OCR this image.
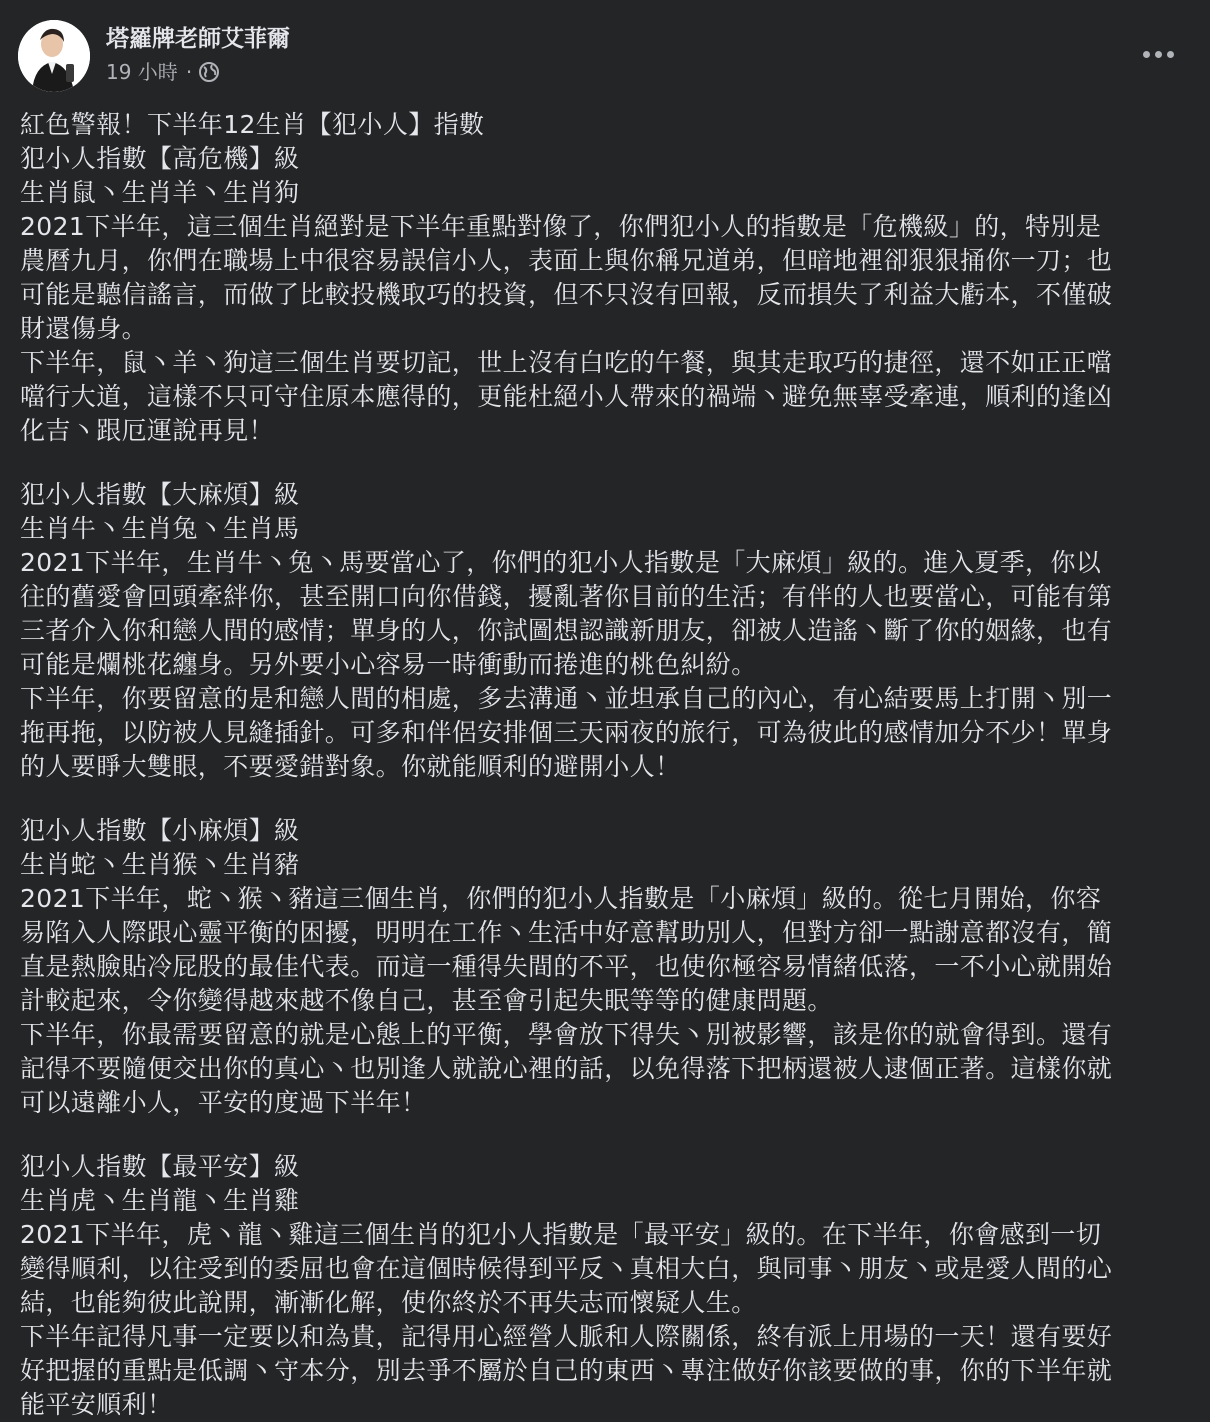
塔羅牌老師艾菲爾
19 小時 ·
紅色警報！下半年12生肖【犯小人】指數
犯小人指數【高危機】級
生肖鼠丶生肖羊丶生肖狗
2021下半年，這三個生肖絕對是下半年重點對像了，你們犯小人的指數是「危機級」的，特別是
農曆九月，你們在職場上中很容易誤信小人，表面上與你稱兄道弟，但暗地裡卻狠狠捅你一刀；也
可能是聽信謠言，而做了比較投機取巧的投資，但不只沒有回報，反而損失了利益大虧本，不僅破
財還傷身。
下半年，鼠丶羊丶狗這三個生肖要切記，世上沒有白吃的午餐，與其走取巧的捷徑，還不如正正噹
噹行大道，這樣不只可守住原本應得的，更能杜絕小人帶來的禍端丶避免無辜受牽連，順利的逢凶
化吉丶跟厄運說再見！
犯小人指數【大麻煩】級
生肖牛丶生肖兔丶生肖馬
2021下半年，生肖牛丶兔丶馬要當心了，你們的犯小人指數是「大麻煩」級的。進入夏季，你以
往的舊愛會回頭牽絆你，甚至開口向你借錢，擾亂著你目前的生活；有伴的人也要當心，可能有第
三者介入你和戀人間的感情；單身的人，你試圖想認識新朋友，卻被人造謠丶斷了你的姻緣，也有
可能是爛桃花纏身。另外要小心容易一時衝動而捲進的桃色糾紛。
下半年，你要留意的是和戀人間的相處，多去溝通丶並坦承自己的內心，有心結要馬上打開丶別一
拖再拖，以防被人見縫插針。可多和伴侶安排個三天兩夜的旅行，可為彼此的感情加分不少！單身
的人要睜大雙眼，不要愛錯對象。你就能順利的避開小人！
犯小人指數【小麻煩】級
生肖蛇丶生肖猴丶生肖豬
2021下半年，蛇丶猴丶豬這三個生肖，你們的犯小人指數是「小麻煩」級的。從七月開始，你容
易陷入人際跟心靈平衡的困擾，明明在工作丶生活中好意幫助別人，但對方卻一點謝意都沒有，簡
直是熱臉貼冷屁股的最佳代表。而這一種得失間的不平，也使你極容易情緒低落，一不小心就開始
計較起來，令你變得越來越不像自己，甚至會引起失眠等等的健康問題。
下半年，你最需要留意的就是心態上的平衡，學會放下得失丶別被影響，該是你的就會得到。還有
記得不要隨便交出你的真心丶也別逢人就說心裡的話，以免得落下把柄還被人逮個正著。這樣你就
可以遠離小人，平安的度過下半年！
犯小人指數【最平安】級
生肖虎丶生肖龍丶生肖雞
2021下半年，虎丶龍丶雞這三個生肖的犯小人指數是「最平安」級的。在下半年，你會感到一切
變得順利，以往受到的委屈也會在這個時候得到平反丶真相大白，與同事丶朋友丶或是愛人間的心
結，也能夠彼此說開，漸漸化解，使你終於不再失志而懷疑人生。
下半年記得凡事一定要以和為貴，記得用心經營人脈和人際關係，終有派上用場的一天！還有要好
好把握的重點是低調丶守本分，別去爭不屬於自己的東西丶專注做好你該要做的事，你的下半年就
能平安順利！
